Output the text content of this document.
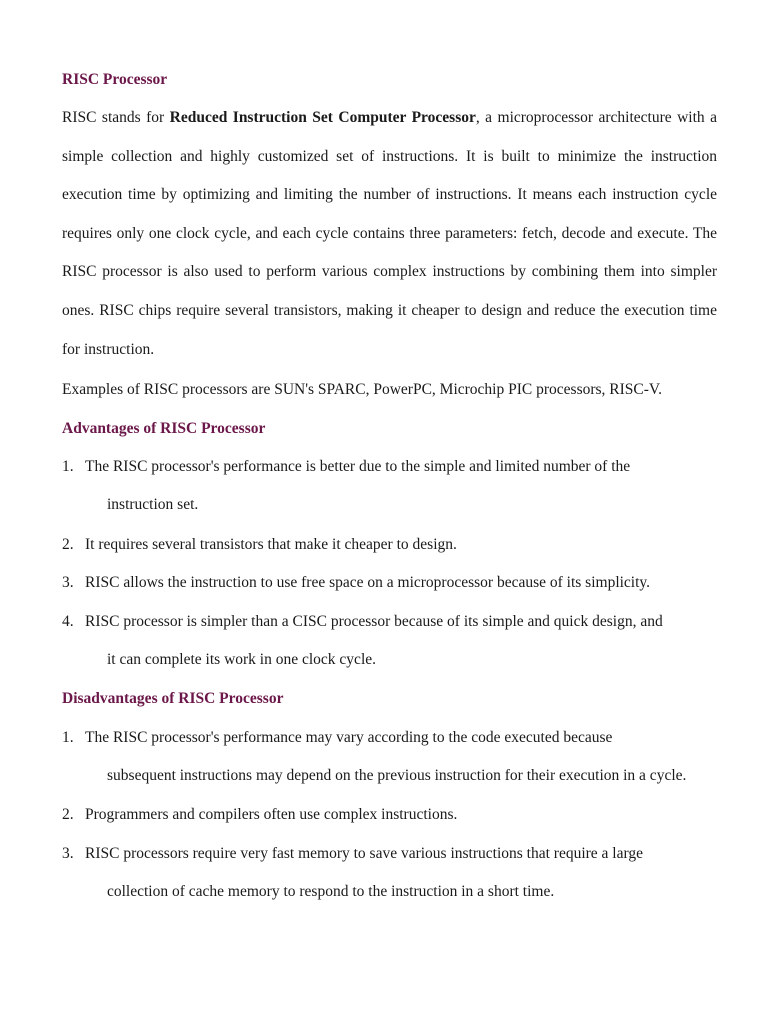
RISC Processor

RISC stands for Reduced Instruction Set Computer Processor, a microprocessor architecture with a simple collection and highly customized set of instructions. It is built to minimize the instruction execution time by optimizing and limiting the number of instructions. It means each instruction cycle requires only one clock cycle, and each cycle contains three parameters: fetch, decode and execute. The RISC processor is also used to perform various complex instructions by combining them into simpler ones. RISC chips require several transistors, making it cheaper to design and reduce the execution time for instruction.

Examples of RISC processors are SUN's SPARC, PowerPC, Microchip PIC processors, RISC-V.

Advantages of RISC Processor
1. The RISC processor's performance is better due to the simple and limited number of the
instruction set.
2. It requires several transistors that make it cheaper to design.
3. RISC allows the instruction to use free space on a microprocessor because of its simplicity.
4. RISC processor is simpler than a CISC processor because of its simple and quick design, and
it can complete its work in one clock cycle.
Disadvantages of RISC Processor
1. The RISC processor's performance may vary according to the code executed because
subsequent instructions may depend on the previous instruction for their execution in a cycle.
2. Programmers and compilers often use complex instructions.
3. RISC processors require very fast memory to save various instructions that require a large
collection of cache memory to respond to the instruction in a short time.
